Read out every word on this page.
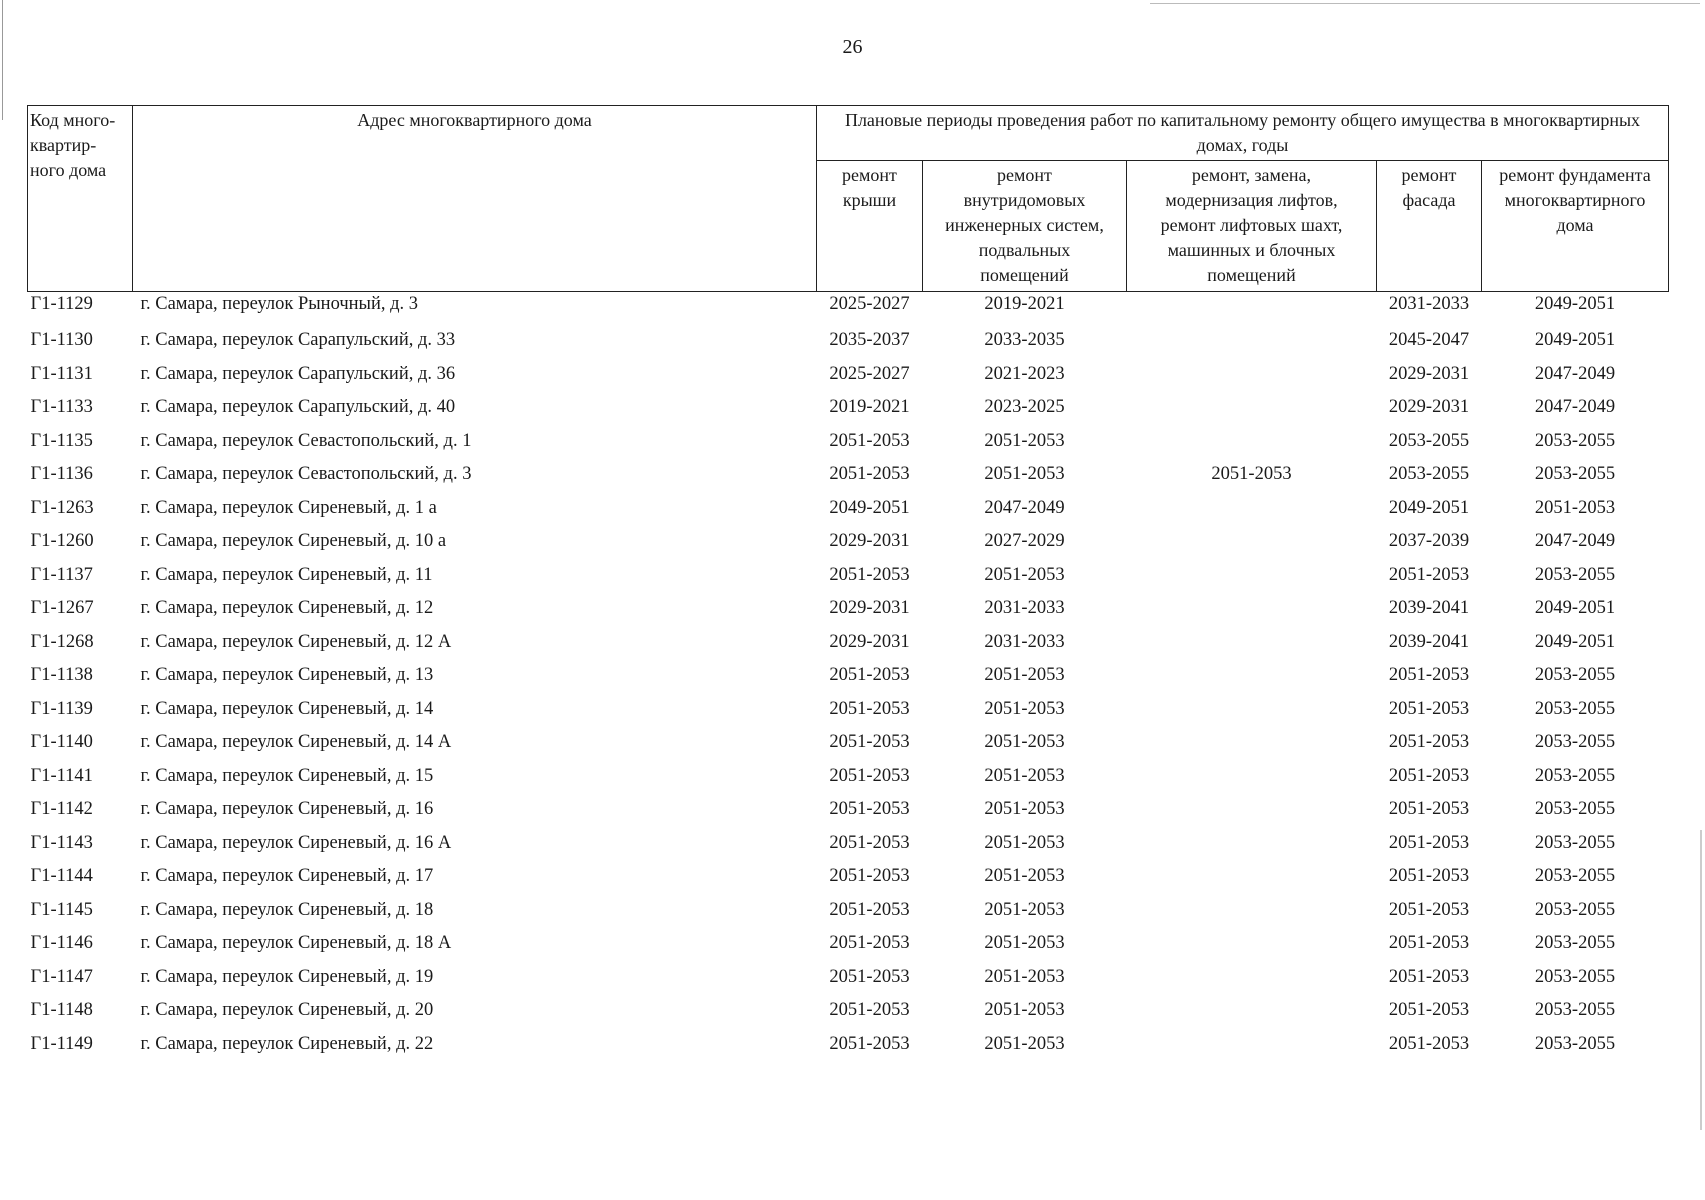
26
Код много-
квартир-
ного дома	Адрес многоквартирного дома	Плановые периоды проведения работ по капитальному ремонту общего имущества в многоквартирных домах, годы				
		ремонт
крыши	ремонт
внутридомовых
инженерных систем,
подвальных
помещений	ремонт, замена,
модернизация лифтов,
ремонт лифтовых шахт,
машинных и блочных
помещений	ремонт
фасада	ремонт фундамента
многоквартирного
дома
Г1-1129	г. Самара, переулок Рыночный, д. 3	2025-2027	2019-2021		2031-2033	2049-2051
Г1-1130	г. Самара, переулок Сарапульский, д. 33	2035-2037	2033-2035		2045-2047	2049-2051
Г1-1131	г. Самара, переулок Сарапульский, д. 36	2025-2027	2021-2023		2029-2031	2047-2049
Г1-1133	г. Самара, переулок Сарапульский, д. 40	2019-2021	2023-2025		2029-2031	2047-2049
Г1-1135	г. Самара, переулок Севастопольский, д. 1	2051-2053	2051-2053		2053-2055	2053-2055
Г1-1136	г. Самара, переулок Севастопольский, д. 3	2051-2053	2051-2053	2051-2053	2053-2055	2053-2055
Г1-1263	г. Самара, переулок Сиреневый, д. 1 а	2049-2051	2047-2049		2049-2051	2051-2053
Г1-1260	г. Самара, переулок Сиреневый, д. 10 а	2029-2031	2027-2029		2037-2039	2047-2049
Г1-1137	г. Самара, переулок Сиреневый, д. 11	2051-2053	2051-2053		2051-2053	2053-2055
Г1-1267	г. Самара, переулок Сиреневый, д. 12	2029-2031	2031-2033		2039-2041	2049-2051
Г1-1268	г. Самара, переулок Сиреневый, д. 12 А	2029-2031	2031-2033		2039-2041	2049-2051
Г1-1138	г. Самара, переулок Сиреневый, д. 13	2051-2053	2051-2053		2051-2053	2053-2055
Г1-1139	г. Самара, переулок Сиреневый, д. 14	2051-2053	2051-2053		2051-2053	2053-2055
Г1-1140	г. Самара, переулок Сиреневый, д. 14 А	2051-2053	2051-2053		2051-2053	2053-2055
Г1-1141	г. Самара, переулок Сиреневый, д. 15	2051-2053	2051-2053		2051-2053	2053-2055
Г1-1142	г. Самара, переулок Сиреневый, д. 16	2051-2053	2051-2053		2051-2053	2053-2055
Г1-1143	г. Самара, переулок Сиреневый, д. 16 А	2051-2053	2051-2053		2051-2053	2053-2055
Г1-1144	г. Самара, переулок Сиреневый, д. 17	2051-2053	2051-2053		2051-2053	2053-2055
Г1-1145	г. Самара, переулок Сиреневый, д. 18	2051-2053	2051-2053		2051-2053	2053-2055
Г1-1146	г. Самара, переулок Сиреневый, д. 18 А	2051-2053	2051-2053		2051-2053	2053-2055
Г1-1147	г. Самара, переулок Сиреневый, д. 19	2051-2053	2051-2053		2051-2053	2053-2055
Г1-1148	г. Самара, переулок Сиреневый, д. 20	2051-2053	2051-2053		2051-2053	2053-2055
Г1-1149	г. Самара, переулок Сиреневый, д. 22	2051-2053	2051-2053		2051-2053	2053-2055
